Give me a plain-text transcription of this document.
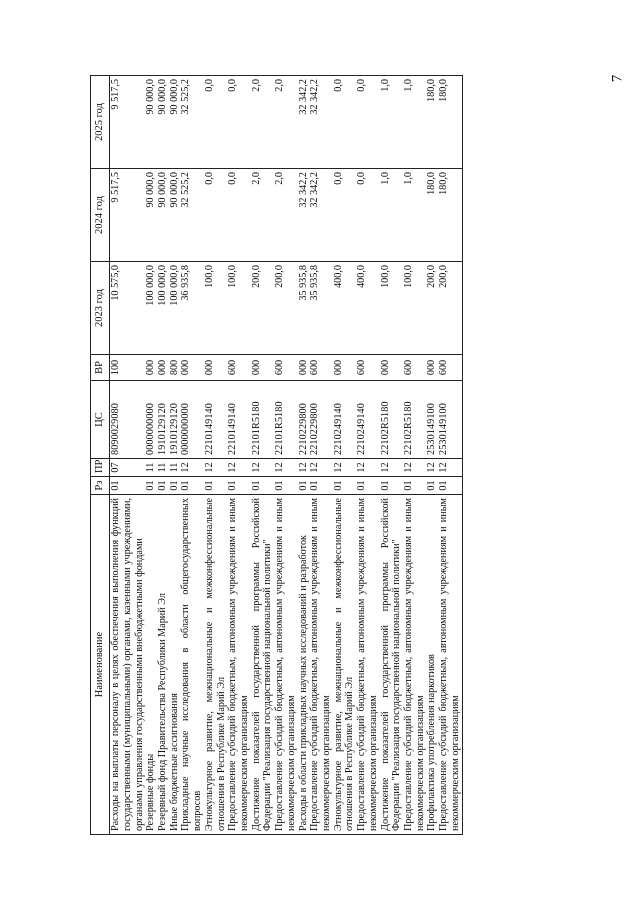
7
Наименование	Рз	ПР	ЦС	ВР	2023 год	2024 год	2025 год
Расходы на выплаты персоналу в целях обеспечения выполнения функций государственными (муниципальными) органами, казенными учреждениями, органами управления государственными внебюджетными фондами	01	07	8090029080	100	10 575,0	9 517,5	9 517,5
Резервные фонды	01	11	0000000000	000	100 000,0	90 000,0	90 000,0
Резервный фонд Правительства Республики Марий Эл	01	11	1910129120	000	100 000,0	90 000,0	90 000,0
Иные бюджетные ассигнования	01	11	1910129120	800	100 000,0	90 000,0	90 000,0
Прикладные научные исследования в области общегосударственных вопросов	01	12	0000000000	000	36 935,8	32 525,2	32 525,2
Этнокультурное развитие, межнациональные и межконфессиональные отношения в Республике Марий Эл	01	12	2210149140	000	100,0	0,0	0,0
Предоставление субсидий бюджетным, автономным учреждениям и иным некоммерческим организациям	01	12	2210149140	600	100,0	0,0	0,0
Достижение показателей государственной программы Российской Федерации "Реализация государственной национальной политики"	01	12	22101R5180	000	200,0	2,0	2,0
Предоставление субсидий бюджетным, автономным учреждениям и иным некоммерческим организациям	01	12	22101R5180	600	200,0	2,0	2,0
Расходы в области прикладных научных исследований и разработок	01	12	2210229800	000	35 935,8	32 342,2	32 342,2
Предоставление субсидий бюджетным, автономным учреждениям и иным некоммерческим организациям	01	12	2210229800	600	35 935,8	32 342,2	32 342,2
Этнокультурное развитие, межнациональные и межконфессиональные отношения в Республике Марий Эл	01	12	2210249140	000	400,0	0,0	0,0
Предоставление субсидий бюджетным, автономным учреждениям и иным некоммерческим организациям	01	12	2210249140	600	400,0	0,0	0,0
Достижение показателей государственной программы Российской Федерации "Реализация государственной национальной политики"	01	12	22102R5180	000	100,0	1,0	1,0
Предоставление субсидий бюджетным, автономным учреждениям и иным некоммерческим организациям	01	12	22102R5180	600	100,0	1,0	1,0
Профилактика употребления наркотиков	01	12	2530149100	000	200,0	180,0	180,0
Предоставление субсидий бюджетным, автономным учреждениям и иным некоммерческим организациям	01	12	2530149100	600	200,0	180,0	180,0
